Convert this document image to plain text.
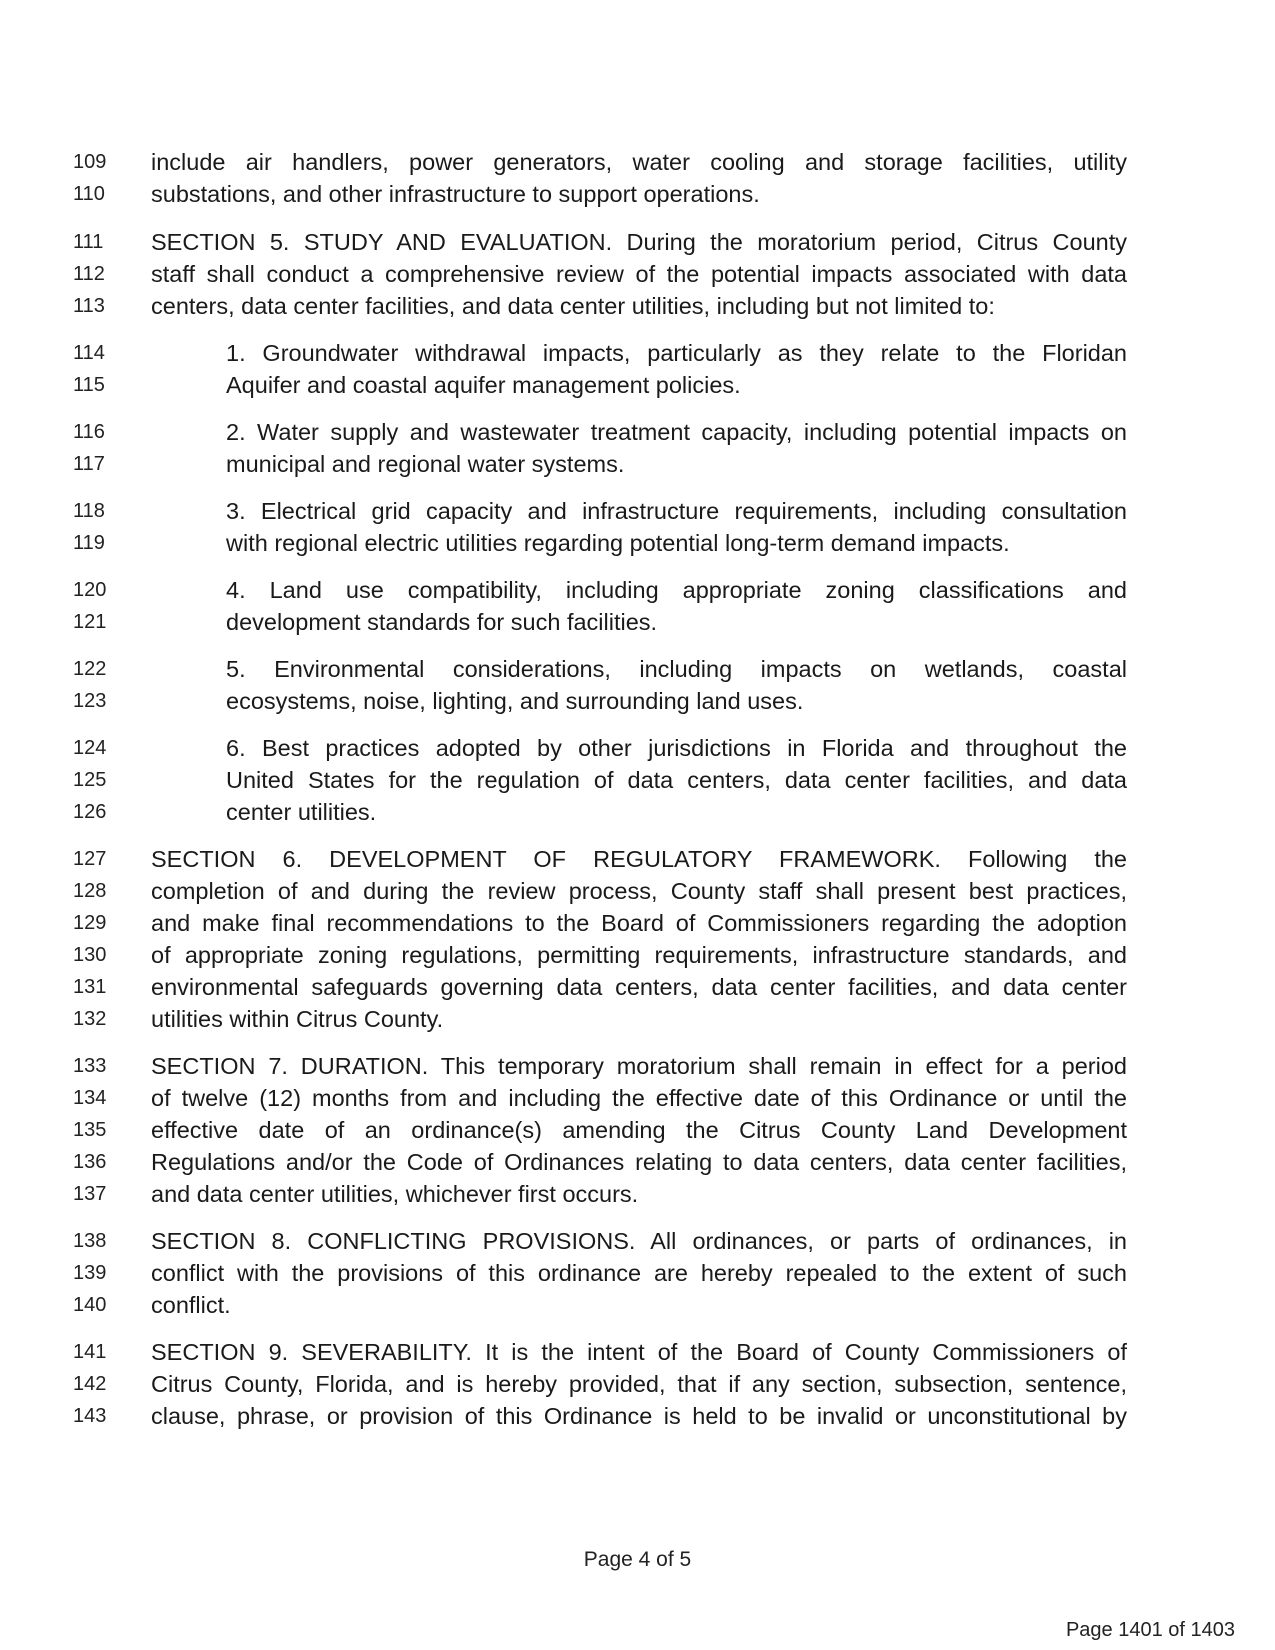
109	include air handlers, power generators, water cooling and storage facilities, utility
110	substations, and other infrastructure to support operations.
111	SECTION 5. STUDY AND EVALUATION. During the moratorium period, Citrus County
112	staff shall conduct a comprehensive review of the potential impacts associated with data
113	centers, data center facilities, and data center utilities, including but not limited to:
114	1. Groundwater withdrawal impacts, particularly as they relate to the Floridan
115	Aquifer and coastal aquifer management policies.
116	2. Water supply and wastewater treatment capacity, including potential impacts on
117	municipal and regional water systems.
118	3. Electrical grid capacity and infrastructure requirements, including consultation
119	with regional electric utilities regarding potential long-term demand impacts.
120	4. Land use compatibility, including appropriate zoning classifications and
121	development standards for such facilities.
122	5. Environmental considerations, including impacts on wetlands, coastal
123	ecosystems, noise, lighting, and surrounding land uses.
124	6. Best practices adopted by other jurisdictions in Florida and throughout the
125	United States for the regulation of data centers, data center facilities, and data
126	center utilities.
127	SECTION 6. DEVELOPMENT OF REGULATORY FRAMEWORK. Following the
128	completion of and during the review process, County staff shall present best practices,
129	and make final recommendations to the Board of Commissioners regarding the adoption
130	of appropriate zoning regulations, permitting requirements, infrastructure standards, and
131	environmental safeguards governing data centers, data center facilities, and data center
132	utilities within Citrus County.
133	SECTION 7. DURATION. This temporary moratorium shall remain in effect for a period
134	of twelve (12) months from and including the effective date of this Ordinance or until the
135	effective date of an ordinance(s) amending the Citrus County Land Development
136	Regulations and/or the Code of Ordinances relating to data centers, data center facilities,
137	and data center utilities, whichever first occurs.
138	SECTION 8. CONFLICTING PROVISIONS. All ordinances, or parts of ordinances, in
139	conflict with the provisions of this ordinance are hereby repealed to the extent of such
140	conflict.
141	SECTION 9. SEVERABILITY. It is the intent of the Board of County Commissioners of
142	Citrus County, Florida, and is hereby provided, that if any section, subsection, sentence,
143	clause, phrase, or provision of this Ordinance is held to be invalid or unconstitutional by
Page 4 of 5
Page 1401 of 1403
